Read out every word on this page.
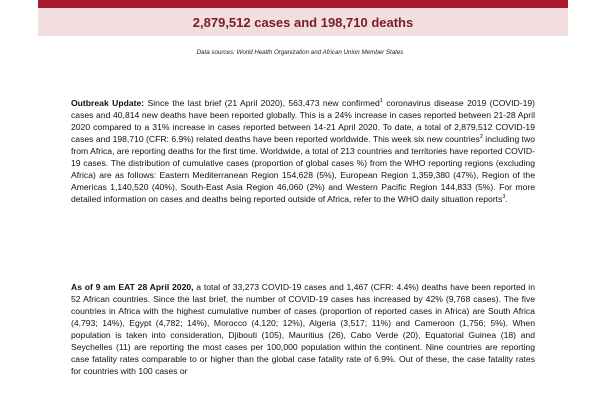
2,879,512 cases and 198,710 deaths
Data sources: World Health Organization and African Union Member States

Outbreak Update: Since the last brief (21 April 2020), 563,473 new confirmed$^1$ coronavirus disease 2019 (COVID-19) cases and 40,814 new deaths have been reported globally. This is a 24% increase in cases reported between 21-28 April 2020 compared to a 31% increase in cases reported between 14-21 April 2020. To date, a total of 2,879,512 COVID-19 cases and 198,710 (CFR: 6.9%) related deaths have been reported worldwide. This week six new countries$^2$ including two from Africa, are reporting deaths for the first time. Worldwide, a total of 213 countries and territories have reported COVID-19 cases. The distribution of cumulative cases (proportion of global cases %) from the WHO reporting regions (excluding Africa) are as follows: Eastern Mediterranean Region 154,628 (5%), European Region 1,359,380 (47%), Region of the Americas 1,140,520 (40%), South-East Asia Region 46,060 (2%) and Western Pacific Region 144,833 (5%). For more detailed information on cases and deaths being reported outside of Africa, refer to the WHO daily situation reports$^3$.

As of 9 am EAT 28 April 2020, a total of 33,273 COVID-19 cases and 1,467 (CFR: 4.4%) deaths have been reported in 52 African countries. Since the last brief, the number of COVID-19 cases has increased by 42% (9,768 cases). The five countries in Africa with the highest cumulative number of cases (proportion of reported cases in Africa) are South Africa (4,793; 14%), Egypt (4,782; 14%), Morocco (4,120; 12%), Algeria (3,517; 11%) and Cameroon (1,756; 5%). When population is taken into consideration, Djibouti (105), Mauritius (26), Cabo Verde (20), Equatorial Guinea (18) and Seychelles (11) are reporting the most cases per 100,000 population within the continent. Nine countries are reporting case fatality rates comparable to or higher than the global case fatality rate of 6.9%. Out of these, the case fatality rates for countries with 100 cases or
